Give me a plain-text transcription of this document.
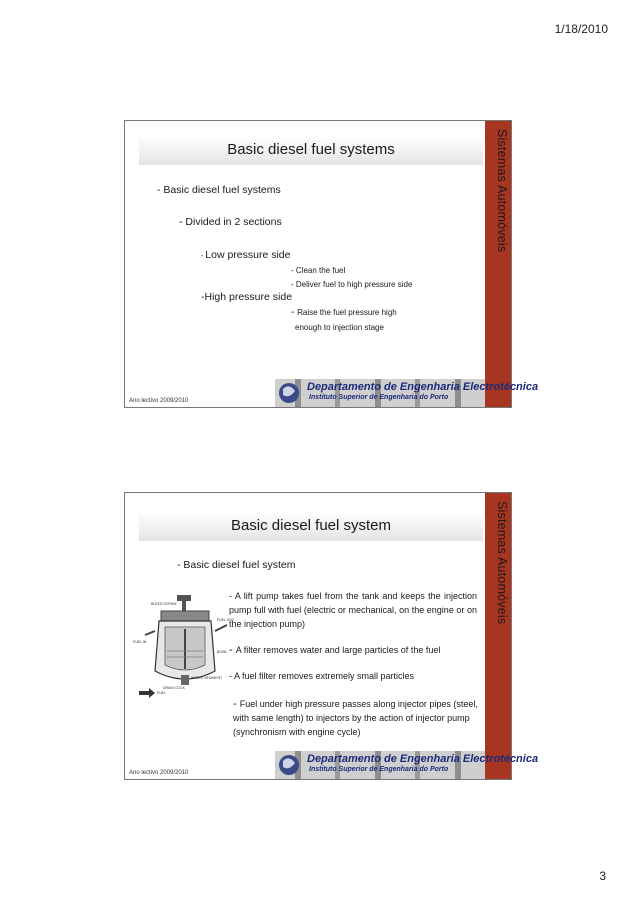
1/18/2010
Sistemas Automóveis
Basic diesel fuel systems
- Basic diesel fuel systems
- Divided in 2 sections
- Low pressure side
- Clean the fuel
- Deliver fuel to high pressure side
-High pressure side
- Raise the fuel pressure high
enough to injection stage
Ano lectivo 2009/2010
Departamento de Engenharia Electrotécnica
Instituto Superior de Engenharia do Porto
Sistemas Automóveis
Basic diesel fuel system
- Basic diesel fuel system
- A lift pump takes fuel from the tank and keeps the injection pump full with fuel (electric or mechanical, on the engine or on the injection pump)
- A filter removes water and large particles of the fuel
- A fuel filter removes extremely small particles
- Fuel under high pressure passes along injector pipes (steel, with same length) to injectors by the action of injector pump (synchronism with engine cycle)
BLEED SCREW
FUEL OUT
FUEL IN
BOWL
WATER SEDIMENT
DRAIN COCK
FUEL
Ano lectivo 2009/2010
Departamento de Engenharia Electrotécnica
Instituto Superior de Engenharia do Porto
3
